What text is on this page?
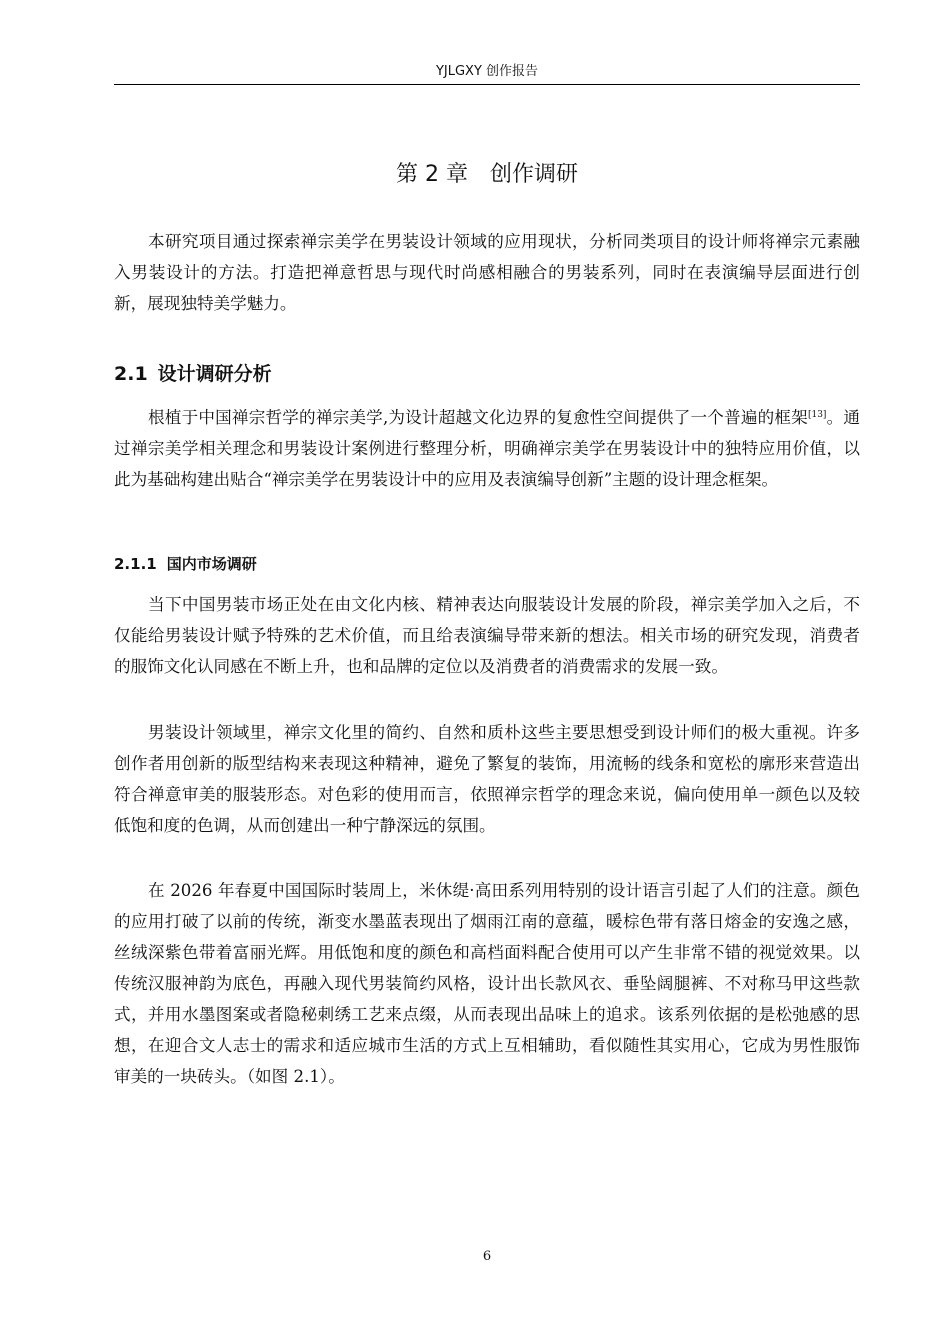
YJLGXY 创作报告
第 2 章 创作调研

本研究项目通过探索禅宗美学在男装设计领域的应用现状，分析同类项目的设计师将禅宗元素融入男装设计的方法。打造把禅意哲思与现代时尚感相融合的男装系列，同时在表演编导层面进行创新，展现独特美学魅力。

2.1 设计调研分析

根植于中国禅宗哲学的禅宗美学,为设计超越文化边界的复愈性空间提供了一个普遍的框架[13]。通过禅宗美学相关理念和男装设计案例进行整理分析，明确禅宗美学在男装设计中的独特应用价值，以此为基础构建出贴合“禅宗美学在男装设计中的应用及表演编导创新”主题的设计理念框架。

2.1.1 国内市场调研

当下中国男装市场正处在由文化内核、精神表达向服装设计发展的阶段，禅宗美学加入之后，不仅能给男装设计赋予特殊的艺术价值，而且给表演编导带来新的想法。相关市场的研究发现，消费者的服饰文化认同感在不断上升，也和品牌的定位以及消费者的消费需求的发展一致。

男装设计领域里，禅宗文化里的简约、自然和质朴这些主要思想受到设计师们的极大重视。许多创作者用创新的版型结构来表现这种精神，避免了繁复的装饰，用流畅的线条和宽松的廓形来营造出符合禅意审美的服装形态。对色彩的使用而言，依照禅宗哲学的理念来说，偏向使用单一颜色以及较低饱和度的色调，从而创建出一种宁静深远的氛围。

在 2026 年春夏中国国际时装周上，米休缇·高田系列用特别的设计语言引起了人们的注意。颜色的应用打破了以前的传统，渐变水墨蓝表现出了烟雨江南的意蕴，暖棕色带有落日熔金的安逸之感，丝绒深紫色带着富丽光辉。用低饱和度的颜色和高档面料配合使用可以产生非常不错的视觉效果。以传统汉服神韵为底色，再融入现代男装简约风格，设计出长款风衣、垂坠阔腿裤、不对称马甲这些款式，并用水墨图案或者隐秘刺绣工艺来点缀，从而表现出品味上的追求。该系列依据的是松弛感的思想，在迎合文人志士的需求和适应城市生活的方式上互相辅助，看似随性其实用心，它成为男性服饰审美的一块砖头。（如图 2.1）。

6
